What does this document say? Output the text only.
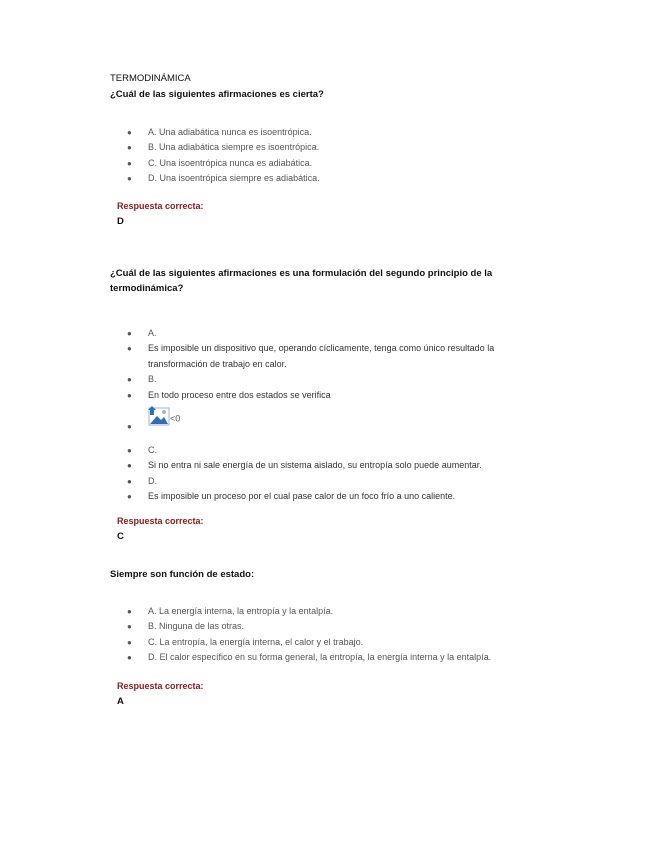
TERMODINÁMICA
¿Cuál de las siguientes afirmaciones es cierta?
● A. Una adiabática nunca es isoentrópica.
● B. Una adiabática siempre es isoentrópica.
● C. Una isoentrópica nunca es adiabática.
● D. Una isoentrópica siempre es adiabática.
Respuesta correcta:
D
¿Cuál de las siguientes afirmaciones es una formulación del segundo principio de la
termodinámica?
● A.
● Es imposible un dispositivo que, operando cíclicamente, tenga como único resultado la
transformación de trabajo en calor.
● B.
● En todo proceso entre dos estados se verifica
●
<0
● C.
● Si no entra ni sale energía de un sistema aislado, su entropía solo puede aumentar.
● D.
● Es imposible un proceso por el cual pase calor de un foco frío a uno caliente.
Respuesta correcta:
C
Siempre son función de estado:
● A. La energía interna, la entropía y la entalpía.
● B. Ninguna de las otras.
● C. La entropía, la energía interna, el calor y el trabajo.
● D. El calor específico en su forma general, la entropía, la energía interna y la entalpía.
Respuesta correcta:
A
